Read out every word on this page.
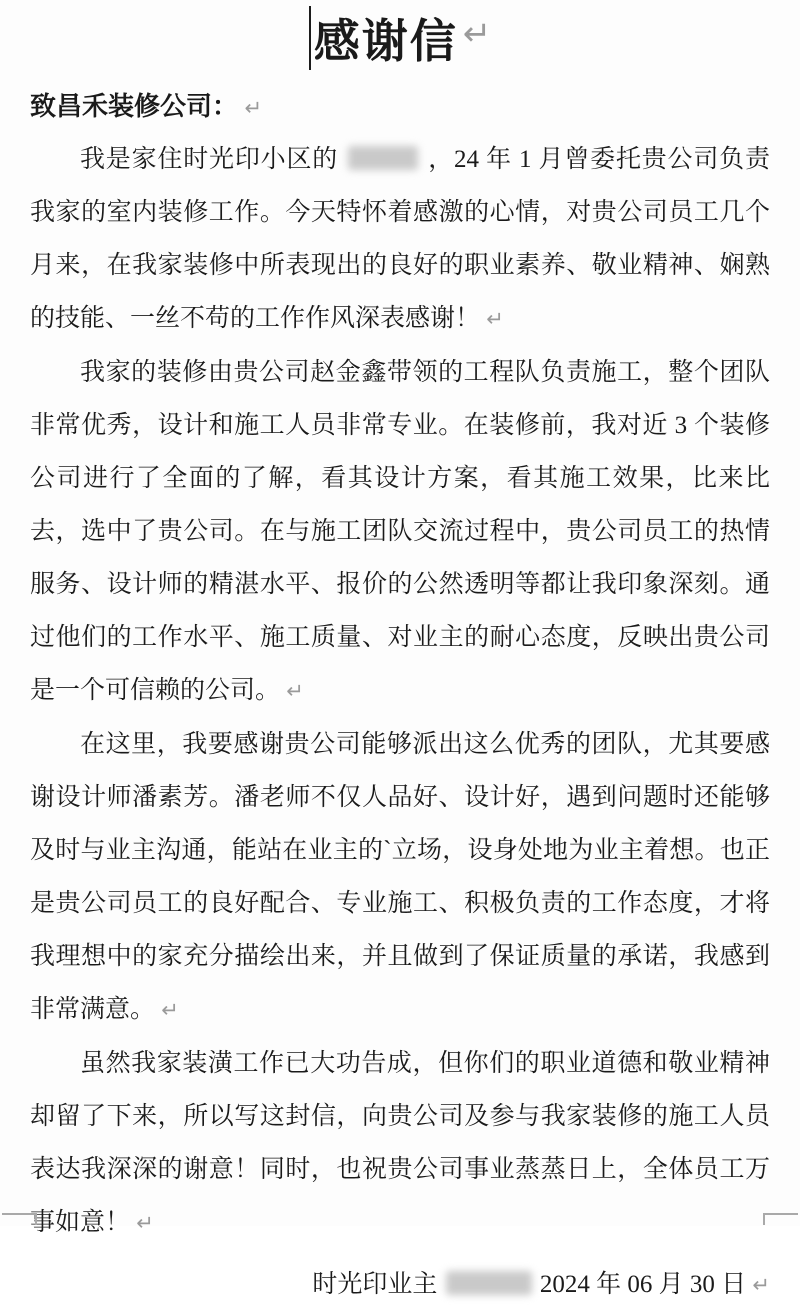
感谢信 ↵
致昌禾装修公司： ↵

我是家住时光印小区的	，24 年 1 月曾委托贵公司负责我家的室内装修工作。今天特怀着感激的心情，对贵公司员工几个月来，在我家装修中所表现出的良好的职业素养、敬业精神、娴熟的技能、一丝不苟的工作作风深表感谢！ ↵

我家的装修由贵公司赵金鑫带领的工程队负责施工，整个团队非常优秀，设计和施工人员非常专业。在装修前，我对近 3 个装修公司进行了全面的了解，看其设计方案，看其施工效果，比来比去，选中了贵公司。在与施工团队交流过程中，贵公司员工的热情服务、设计师的精湛水平、报价的公然透明等都让我印象深刻。通过他们的工作水平、施工质量、对业主的耐心态度，反映出贵公司是一个可信赖的公司。 ↵

在这里，我要感谢贵公司能够派出这么优秀的团队，尤其要感谢设计师潘素芳。潘老师不仅人品好、设计好，遇到问题时还能够及时与业主沟通，能站在业主的`立场，设身处地为业主着想。也正是贵公司员工的良好配合、专业施工、积极负责的工作态度，才将我理想中的家充分描绘出来，并且做到了保证质量的承诺，我感到非常满意。 ↵

虽然我家装潢工作已大功告成，但你们的职业道德和敬业精神却留了下来，所以写这封信，向贵公司及参与我家装修的施工人员表达我深深的谢意！同时，也祝贵公司事业蒸蒸日上，全体员工万事如意！ ↵

时光印业主	2024 年 06 月 30 日 ↵
